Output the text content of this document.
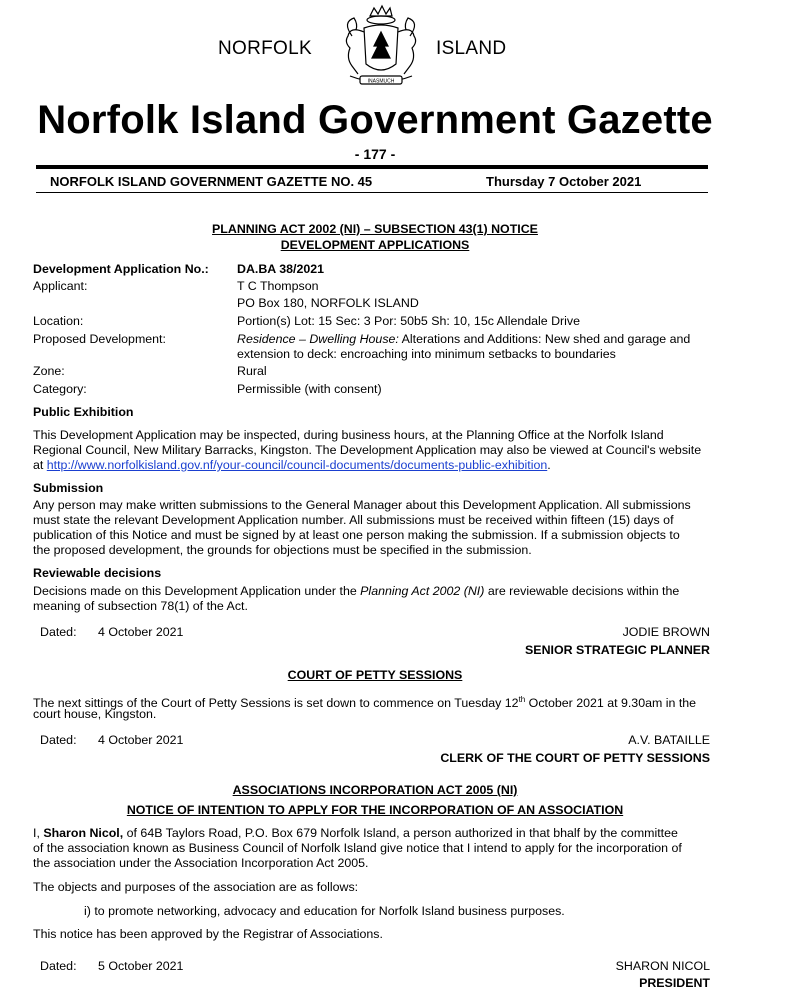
INASMUCH
NORFOLK	ISLAND
Norfolk Island Government Gazette
- 177 -
NORFOLK ISLAND GOVERNMENT GAZETTE NO. 45	Thursday 7 October 2021
PLANNING ACT 2002 (NI) – SUBSECTION 43(1) NOTICE
DEVELOPMENT APPLICATIONS
Development Application No.: DA.BA 38/2021
Applicant:	T C Thompson
PO Box 180, NORFOLK ISLAND
Location:	Portion(s) Lot: 15 Sec: 3 Por: 50b5 Sh: 10, 15c Allendale Drive
Proposed Development:	Residence – Dwelling House: Alterations and Additions: New shed and garage and
extension to deck: encroaching into minimum setbacks to boundaries
Zone:	Rural
Category:	Permissible (with consent)
Public Exhibition
This Development Application may be inspected, during business hours, at the Planning Office at the Norfolk Island
Regional Council, New Military Barracks, Kingston. The Development Application may also be viewed at Council's website
at http://www.norfolkisland.gov.nf/your-council/council-documents/documents-public-exhibition.
Submission
Any person may make written submissions to the General Manager about this Development Application. All submissions
must state the relevant Development Application number. All submissions must be received within fifteen (15) days of
publication of this Notice and must be signed by at least one person making the submission. If a submission objects to
the proposed development, the grounds for objections must be specified in the submission.
Reviewable decisions
Decisions made on this Development Application under the Planning Act 2002 (NI) are reviewable decisions within the
meaning of subsection 78(1) of the Act.
Dated: 4 October 2021	JODIE BROWN
SENIOR STRATEGIC PLANNER
COURT OF PETTY SESSIONS
The next sittings of the Court of Petty Sessions is set down to commence on Tuesday 12th October 2021 at 9.30am in the
court house, Kingston.
Dated: 4 October 2021	A.V. BATAILLE
CLERK OF THE COURT OF PETTY SESSIONS
ASSOCIATIONS INCORPORATION ACT 2005 (NI)
NOTICE OF INTENTION TO APPLY FOR THE INCORPORATION OF AN ASSOCIATION
I, Sharon Nicol, of 64B Taylors Road, P.O. Box 679 Norfolk Island, a person authorized in that bhalf by the committee
of the association known as Business Council of Norfolk Island give notice that I intend to apply for the incorporation of
the association under the Association Incorporation Act 2005.
The objects and purposes of the association are as follows:
i) to promote networking, advocacy and education for Norfolk Island business purposes.
This notice has been approved by the Registrar of Associations.
Dated: 5 October 2021	SHARON NICOL
PRESIDENT
